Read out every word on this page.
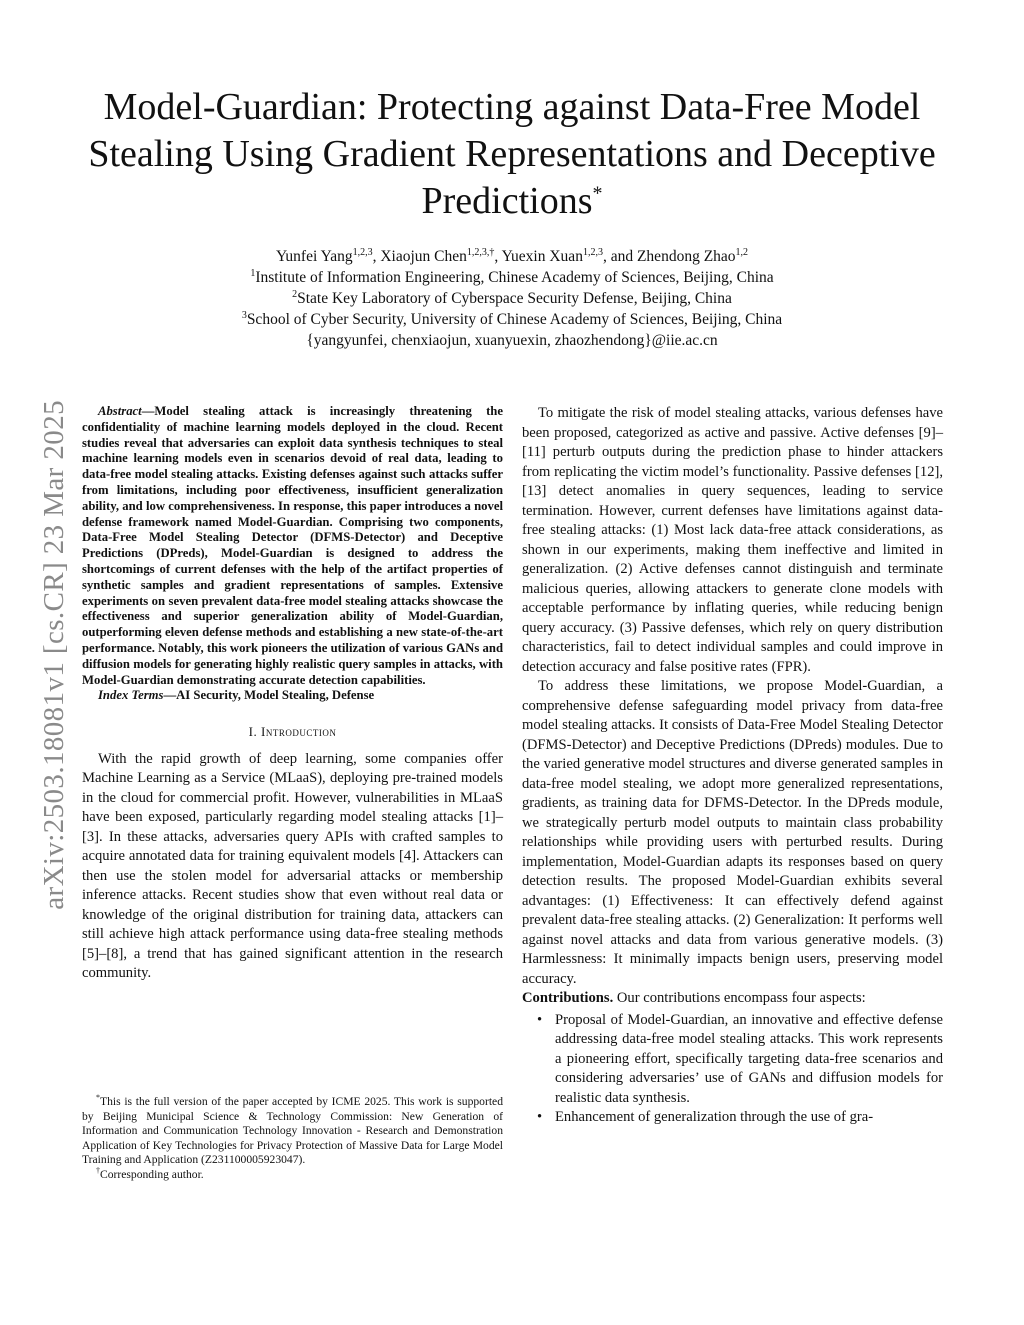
arXiv:2503.18081v1 [cs.CR] 23 Mar 2025
Model-Guardian: Protecting against Data-Free Model Stealing Using Gradient Representations and Deceptive Predictions*
Yunfei Yang$^{1,2,3}$, Xiaojun Chen$^{1,2,3,\dagger}$, Yuexin Xuan$^{1,2,3}$, and Zhendong Zhao$^{1,2}$
$^1$Institute of Information Engineering, Chinese Academy of Sciences, Beijing, China
$^2$State Key Laboratory of Cyberspace Security Defense, Beijing, China
$^3$School of Cyber Security, University of Chinese Academy of Sciences, Beijing, China
{yangyunfei, chenxiaojun, xuanyuexin, zhaozhendong}@iie.ac.cn

Abstract—Model stealing attack is increasingly threatening the confidentiality of machine learning models deployed in the cloud. Recent studies reveal that adversaries can exploit data synthesis techniques to steal machine learning models even in scenarios devoid of real data, leading to data-free model stealing attacks. Existing defenses against such attacks suffer from limitations, including poor effectiveness, insufficient generalization ability, and low comprehensiveness. In response, this paper introduces a novel defense framework named Model-Guardian. Comprising two components, Data-Free Model Stealing Detector (DFMS-Detector) and Deceptive Predictions (DPreds), Model-Guardian is designed to address the shortcomings of current defenses with the help of the artifact properties of synthetic samples and gradient representations of samples. Extensive experiments on seven prevalent data-free model stealing attacks showcase the effectiveness and superior generalization ability of Model-Guardian, outperforming eleven defense methods and establishing a new state-of-the-art performance. Notably, this work pioneers the utilization of various GANs and diffusion models for generating highly realistic query samples in attacks, with Model-Guardian demonstrating accurate detection capabilities.

Index Terms—AI Security, Model Stealing, Defense

I. Introduction

With the rapid growth of deep learning, some companies offer Machine Learning as a Service (MLaaS), deploying pre-trained models in the cloud for commercial profit. However, vulnerabilities in MLaaS have been exposed, particularly regarding model stealing attacks [1]–[3]. In these attacks, adversaries query APIs with crafted samples to acquire annotated data for training equivalent models [4]. Attackers can then use the stolen model for adversarial attacks or membership inference attacks. Recent studies show that even without real data or knowledge of the original distribution for training data, attackers can still achieve high attack performance using data-free stealing methods [5]–[8], a trend that has gained significant attention in the research community.

*This is the full version of the paper accepted by ICME 2025. This work is supported by Beijing Municipal Science & Technology Commission: New Generation of Information and Communication Technology Innovation - Research and Demonstration Application of Key Technologies for Privacy Protection of Massive Data for Large Model Training and Application (Z231100005923047).

†Corresponding author.

To mitigate the risk of model stealing attacks, various defenses have been proposed, categorized as active and passive. Active defenses [9]–[11] perturb outputs during the prediction phase to hinder attackers from replicating the victim model’s functionality. Passive defenses [12], [13] detect anomalies in query sequences, leading to service termination. However, current defenses have limitations against data-free stealing attacks: (1) Most lack data-free attack considerations, as shown in our experiments, making them ineffective and limited in generalization. (2) Active defenses cannot distinguish and terminate malicious queries, allowing attackers to generate clone models with acceptable performance by inflating queries, while reducing benign query accuracy. (3) Passive defenses, which rely on query distribution characteristics, fail to detect individual samples and could improve in detection accuracy and false positive rates (FPR).

To address these limitations, we propose Model-Guardian, a comprehensive defense safeguarding model privacy from data-free model stealing attacks. It consists of Data-Free Model Stealing Detector (DFMS-Detector) and Deceptive Predictions (DPreds) modules. Due to the varied generative model structures and diverse generated samples in data-free model stealing, we adopt more generalized representations, gradients, as training data for DFMS-Detector. In the DPreds module, we strategically perturb model outputs to maintain class probability relationships while providing users with perturbed results. During implementation, Model-Guardian adapts its responses based on query detection results. The proposed Model-Guardian exhibits several advantages: (1) Effectiveness: It can effectively defend against prevalent data-free stealing attacks. (2) Generalization: It performs well against novel attacks and data from various generative models. (3) Harmlessness: It minimally impacts benign users, preserving model accuracy.

Contributions. Our contributions encompass four aspects:

• Proposal of Model-Guardian, an innovative and effective defense addressing data-free model stealing attacks. This work represents a pioneering effort, specifically targeting data-free scenarios and considering adversaries’ use of GANs and diffusion models for realistic data synthesis.
• Enhancement of generalization through the use of gra-
